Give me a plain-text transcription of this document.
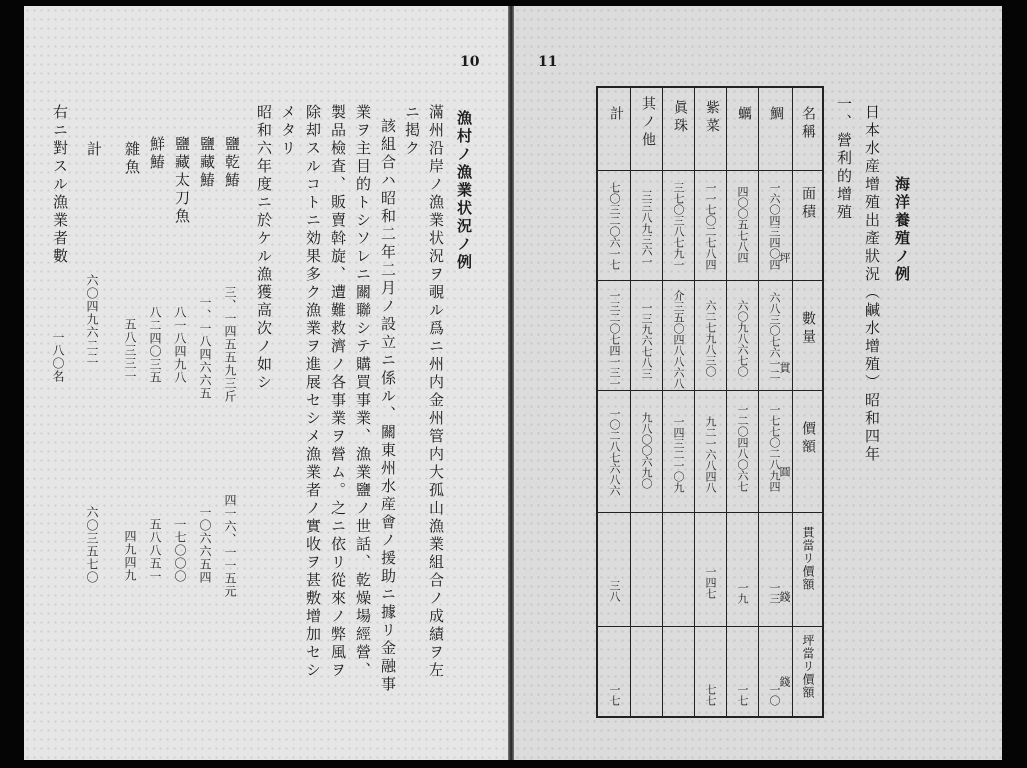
10
漁村ノ漁業状況ノ例
滿州沿岸ノ漁業状況ヲ覗ル爲ニ州内金州管内大孤山漁業組合ノ成績ヲ左
ニ掲ク
該組合ハ昭和二年二月ノ設立ニ係ル、關東州水産會ノ援助ニ據リ金融事
業ヲ主目的トシソレニ關聯シテ購買事業、漁業鹽ノ世話、乾燥場經營、
製品檢査、販賣斡旋、遭難救濟ノ各事業ヲ營ム。之ニ依リ從來ノ弊風ヲ
除却スルコトニ効果多ク漁業ヲ進展セシメ漁業者ノ實收ヲ甚敷增加セシ
メタリ
昭和六年度ニ於ケル漁獲高次ノ如シ
鹽乾鰆
三、一四五五九三斤
四一六、一一五元
鹽藏鰆
一、一八四六六五
一〇六六五四
鹽藏太刀魚
八一八四九八
一七〇〇〇
鮮鰆
八二四〇三五
五八八五一
雜魚
五八三三一
四九四九
計
六〇四九六二二
六〇三五七〇
右ニ對スル漁業者數
一八〇名
11
海洋養殖ノ例
日本水産增殖出產狀況（鹹水增殖）昭和四年
一、營利的增殖
名稱
面積
數量
價額
貫當リ價額
坪當リ價額
坪
貫
圓
錢
錢
鯛
一六〇四三四〇四
六八三〇七六一二
一七七〇二八九四
一三
一〇
蠣
四〇〇五七八四
六〇九八六七〇
一二〇四八〇六七
一九
一七
紫菜
一一七〇二七八四
六二七九八三〇
九二一六八四八
一四七
七七
眞珠
三七〇三八七九一
介三五〇四八八六八
一四三二一〇九
其ノ他
三三八九三六一
一三九六七八三
九八〇〇六九〇
計
七〇三二〇六一七
一三二〇七四一三一
一〇二八七六八六
三八
一七
